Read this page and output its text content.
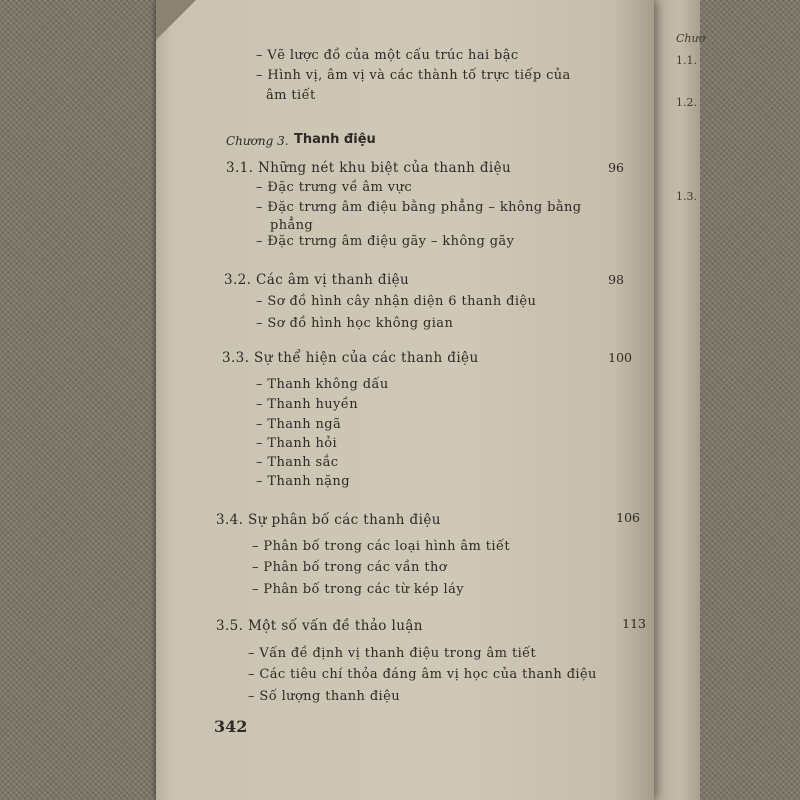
Chươ
1.1.
1.2.
1.3.
– Vẽ lược đồ của một cấu trúc hai bậc
– Hình vị, âm vị và các thành tố trực tiếp của
âm tiết
Chương 3. Thanh điệu
3.1. Những nét khu biệt của thanh điệu	96
– Đặc trưng về âm vực
– Đặc trưng âm điệu bằng phẳng – không bằng
phẳng
– Đặc trưng âm điệu gãy – không gãy
3.2. Các âm vị thanh điệu	98
– Sơ đồ hình cây nhận diện 6 thanh điệu
– Sơ đồ hình học không gian
3.3. Sự thể hiện của các thanh điệu	100
– Thanh không dấu
– Thanh huyền
– Thanh ngã
– Thanh hỏi
– Thanh sắc
– Thanh nặng
3.4. Sự phân bố các thanh điệu	106
– Phân bố trong các loại hình âm tiết
– Phân bố trong các vần thơ
– Phân bố trong các từ kép láy
3.5. Một số vấn đề thảo luận	113
– Vấn đề định vị thanh điệu trong âm tiết
– Các tiêu chí thỏa đáng âm vị học của thanh điệu
– Số lượng thanh điệu
342
